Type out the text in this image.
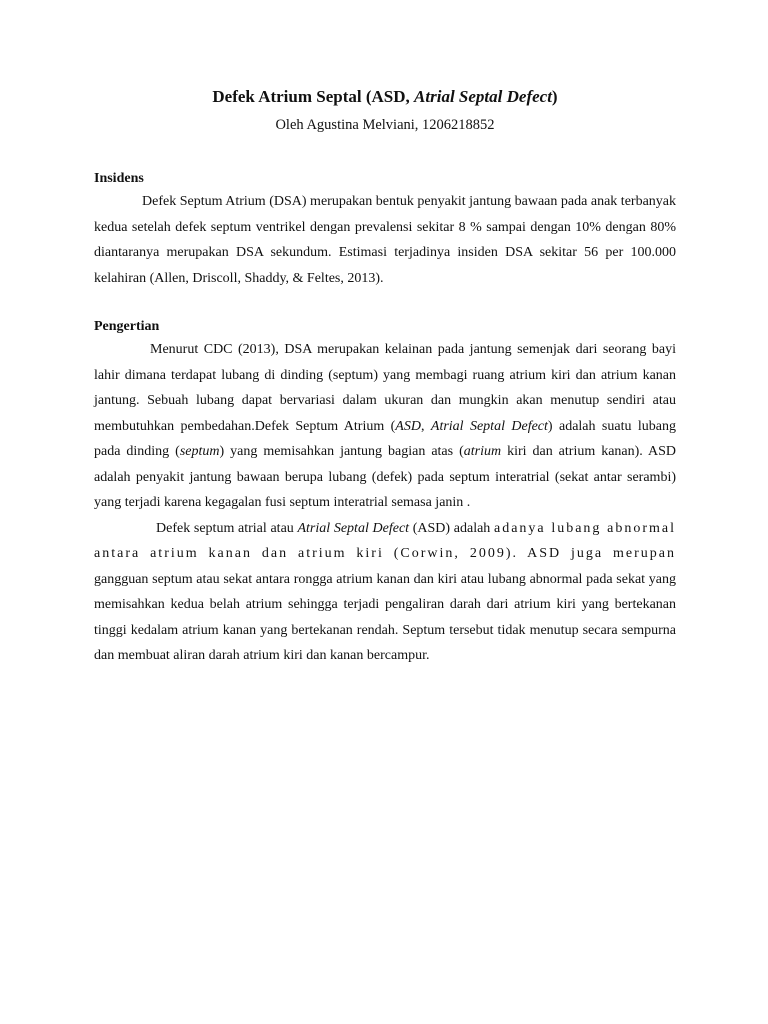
Defek Atrium Septal (ASD, Atrial Septal Defect)
Oleh Agustina Melviani, 1206218852
Insidens

Defek Septum Atrium (DSA) merupakan bentuk penyakit jantung bawaan pada anak terbanyak kedua setelah defek septum ventrikel dengan prevalensi sekitar 8 % sampai dengan 10% dengan 80% diantaranya merupakan DSA sekundum. Estimasi terjadinya insiden DSA sekitar 56 per 100.000 kelahiran (Allen, Driscoll, Shaddy, & Feltes, 2013).

Pengertian

Menurut CDC (2013), DSA merupakan kelainan pada jantung semenjak dari seorang bayi lahir dimana terdapat lubang di dinding (septum) yang membagi ruang atrium kiri dan atrium kanan jantung. Sebuah lubang dapat bervariasi dalam ukuran dan mungkin akan menutup sendiri atau membutuhkan pembedahan.Defek Septum Atrium (ASD, Atrial Septal Defect) adalah suatu lubang pada dinding (septum) yang memisahkan jantung bagian atas (atrium kiri dan atrium kanan). ASD adalah penyakit jantung bawaan berupa lubang (defek) pada septum interatrial (sekat antar serambi) yang terjadi karena kegagalan fusi septum interatrial semasa janin .

Defek septum atrial atau Atrial Septal Defect (ASD) adalah adanya lubang abnormal antara atrium kanan dan atrium kiri (Corwin, 2009). ASD juga merupan gangguan septum atau sekat antara rongga atrium kanan dan kiri atau lubang abnormal pada sekat yang memisahkan kedua belah atrium sehingga terjadi pengaliran darah dari atrium kiri yang bertekanan tinggi kedalam atrium kanan yang bertekanan rendah. Septum tersebut tidak menutup secara sempurna dan membuat aliran darah atrium kiri dan kanan bercampur.
